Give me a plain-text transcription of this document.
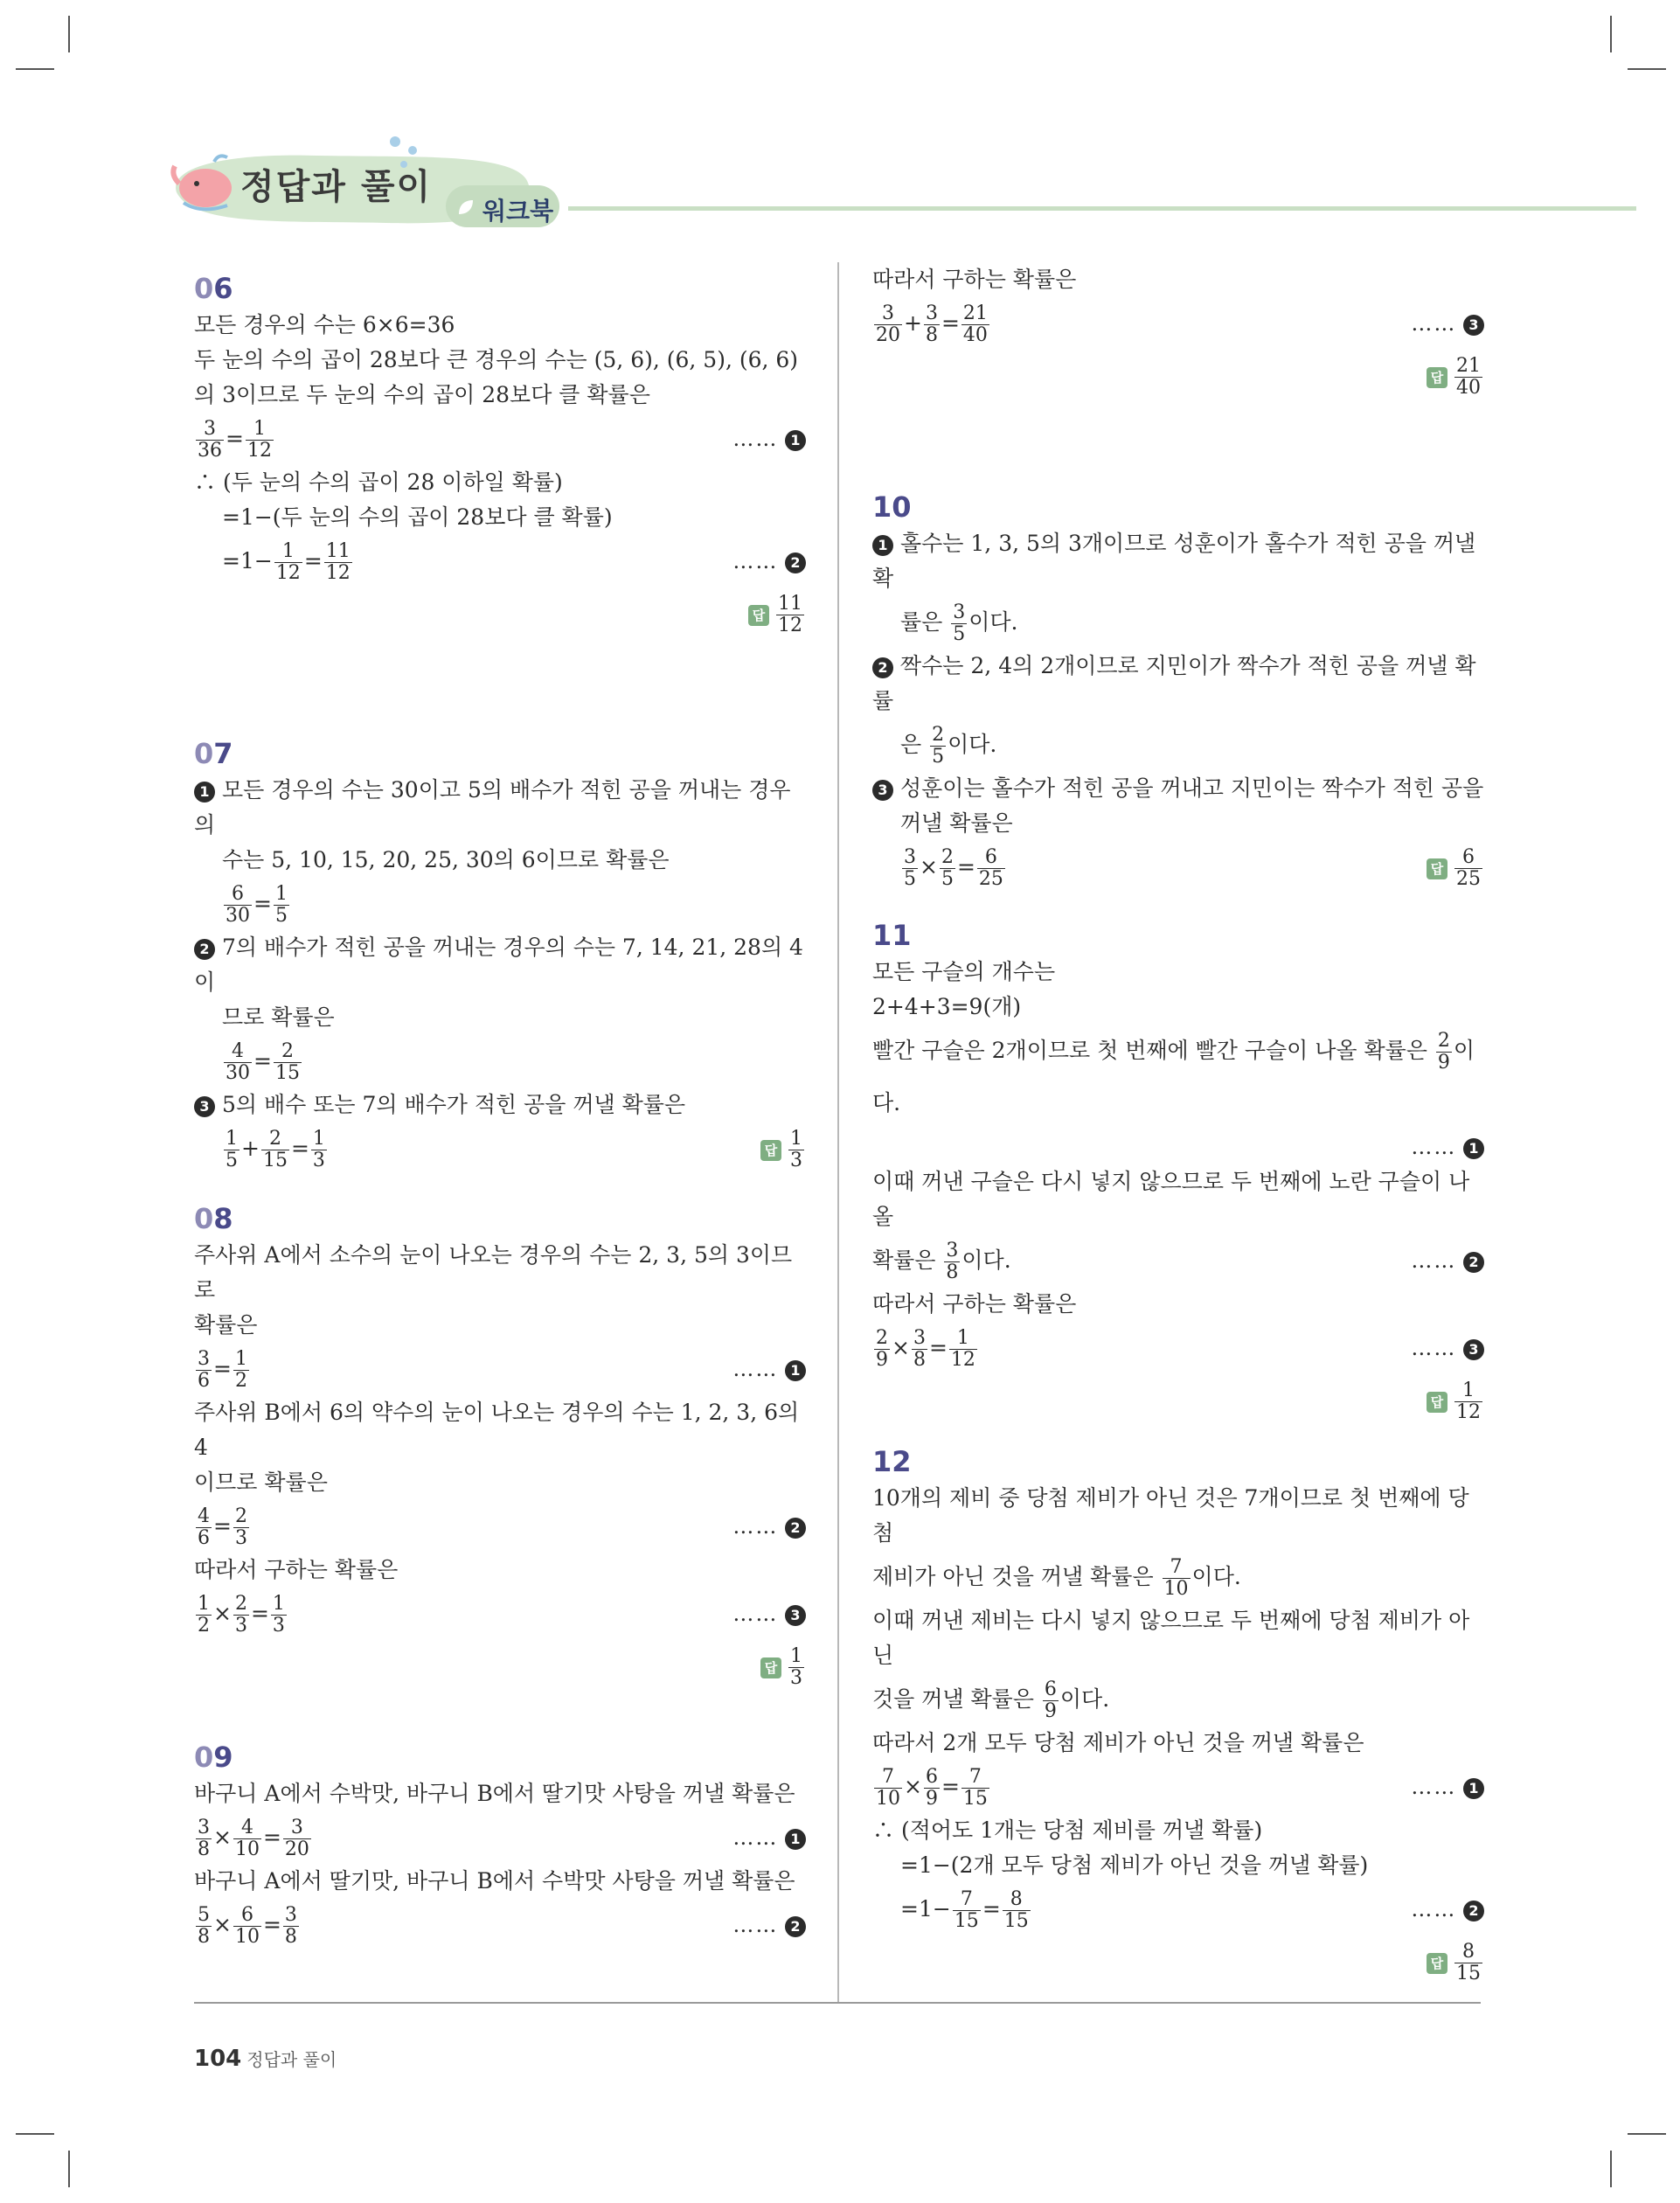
정답과 풀이
워크북
06
모든 경우의 수는 6×6=36
두 눈의 수의 곱이 28보다 큰 경우의 수는 (5, 6), (6, 5), (6, 6)
의 3이므로 두 눈의 수의 곱이 28보다 클 확률은
$\frac{3}{36} = \frac{1}{12}$	…… 1
∴ (두 눈의 수의 곱이 28 이하일 확률)
=1−(두 눈의 수의 곱이 28보다 클 확률)
$=1- \frac{1}{12} = \frac{11}{12}$	…… 2
답 $\frac{11}{12}$
07
1 모든 경우의 수는 30이고 5의 배수가 적힌 공을 꺼내는 경우의
수는 5, 10, 15, 20, 25, 30의 6이므로 확률은
$\frac{6}{30} = \frac{1}{5}$
2 7의 배수가 적힌 공을 꺼내는 경우의 수는 7, 14, 21, 28의 4이
므로 확률은
$\frac{4}{30} = \frac{2}{15}$
3 5의 배수 또는 7의 배수가 적힌 공을 꺼낼 확률은
$\frac{1}{5} + \frac{2}{15} = \frac{1}{3}$	답 $\frac{1}{3}$
08
주사위 A에서 소수의 눈이 나오는 경우의 수는 2, 3, 5의 3이므로
확률은
$\frac{3}{6} = \frac{1}{2}$	…… 1
주사위 B에서 6의 약수의 눈이 나오는 경우의 수는 1, 2, 3, 6의 4
이므로 확률은
$\frac{4}{6} = \frac{2}{3}$	…… 2
따라서 구하는 확률은
$\frac{1}{2} \times \frac{2}{3} = \frac{1}{3}$	…… 3
답 $\frac{1}{3}$
09
바구니 A에서 수박맛, 바구니 B에서 딸기맛 사탕을 꺼낼 확률은
$\frac{3}{8} \times \frac{4}{10} = \frac{3}{20}$	…… 1
바구니 A에서 딸기맛, 바구니 B에서 수박맛 사탕을 꺼낼 확률은
$\frac{5}{8} \times \frac{6}{10} = \frac{3}{8}$	…… 2
따라서 구하는 확률은
$\frac{3}{20} + \frac{3}{8} = \frac{21}{40}$	…… 3
답 $\frac{21}{40}$
10
1 홀수는 1, 3, 5의 3개이므로 성훈이가 홀수가 적힌 공을 꺼낼 확
률은 $\frac{3}{5}$ 이다.
2 짝수는 2, 4의 2개이므로 지민이가 짝수가 적힌 공을 꺼낼 확률
은 $\frac{2}{5}$ 이다.
3 성훈이는 홀수가 적힌 공을 꺼내고 지민이는 짝수가 적힌 공을
꺼낼 확률은
$\frac{3}{5} \times \frac{2}{5} = \frac{6}{25}$	답 $\frac{6}{25}$
11
모든 구슬의 개수는
2+4+3=9(개)
빨간 구슬은 2개이므로 첫 번째에 빨간 구슬이 나올 확률은 $\frac{2}{9}$ 이다.
…… 1
이때 꺼낸 구슬은 다시 넣지 않으므로 두 번째에 노란 구슬이 나올
확률은 $\frac{3}{8}$ 이다.	…… 2
따라서 구하는 확률은
$\frac{2}{9} \times \frac{3}{8} = \frac{1}{12}$	…… 3
답 $\frac{1}{12}$
12
10개의 제비 중 당첨 제비가 아닌 것은 7개이므로 첫 번째에 당첨
제비가 아닌 것을 꺼낼 확률은 $\frac{7}{10}$ 이다.
이때 꺼낸 제비는 다시 넣지 않으므로 두 번째에 당첨 제비가 아닌
것을 꺼낼 확률은 $\frac{6}{9}$ 이다.
따라서 2개 모두 당첨 제비가 아닌 것을 꺼낼 확률은
$\frac{7}{10} \times \frac{6}{9} = \frac{7}{15}$	…… 1
∴ (적어도 1개는 당첨 제비를 꺼낼 확률)
=1−(2개 모두 당첨 제비가 아닌 것을 꺼낼 확률)
$=1- \frac{7}{15} = \frac{8}{15}$	…… 2
답 $\frac{8}{15}$
104 정답과 풀이
